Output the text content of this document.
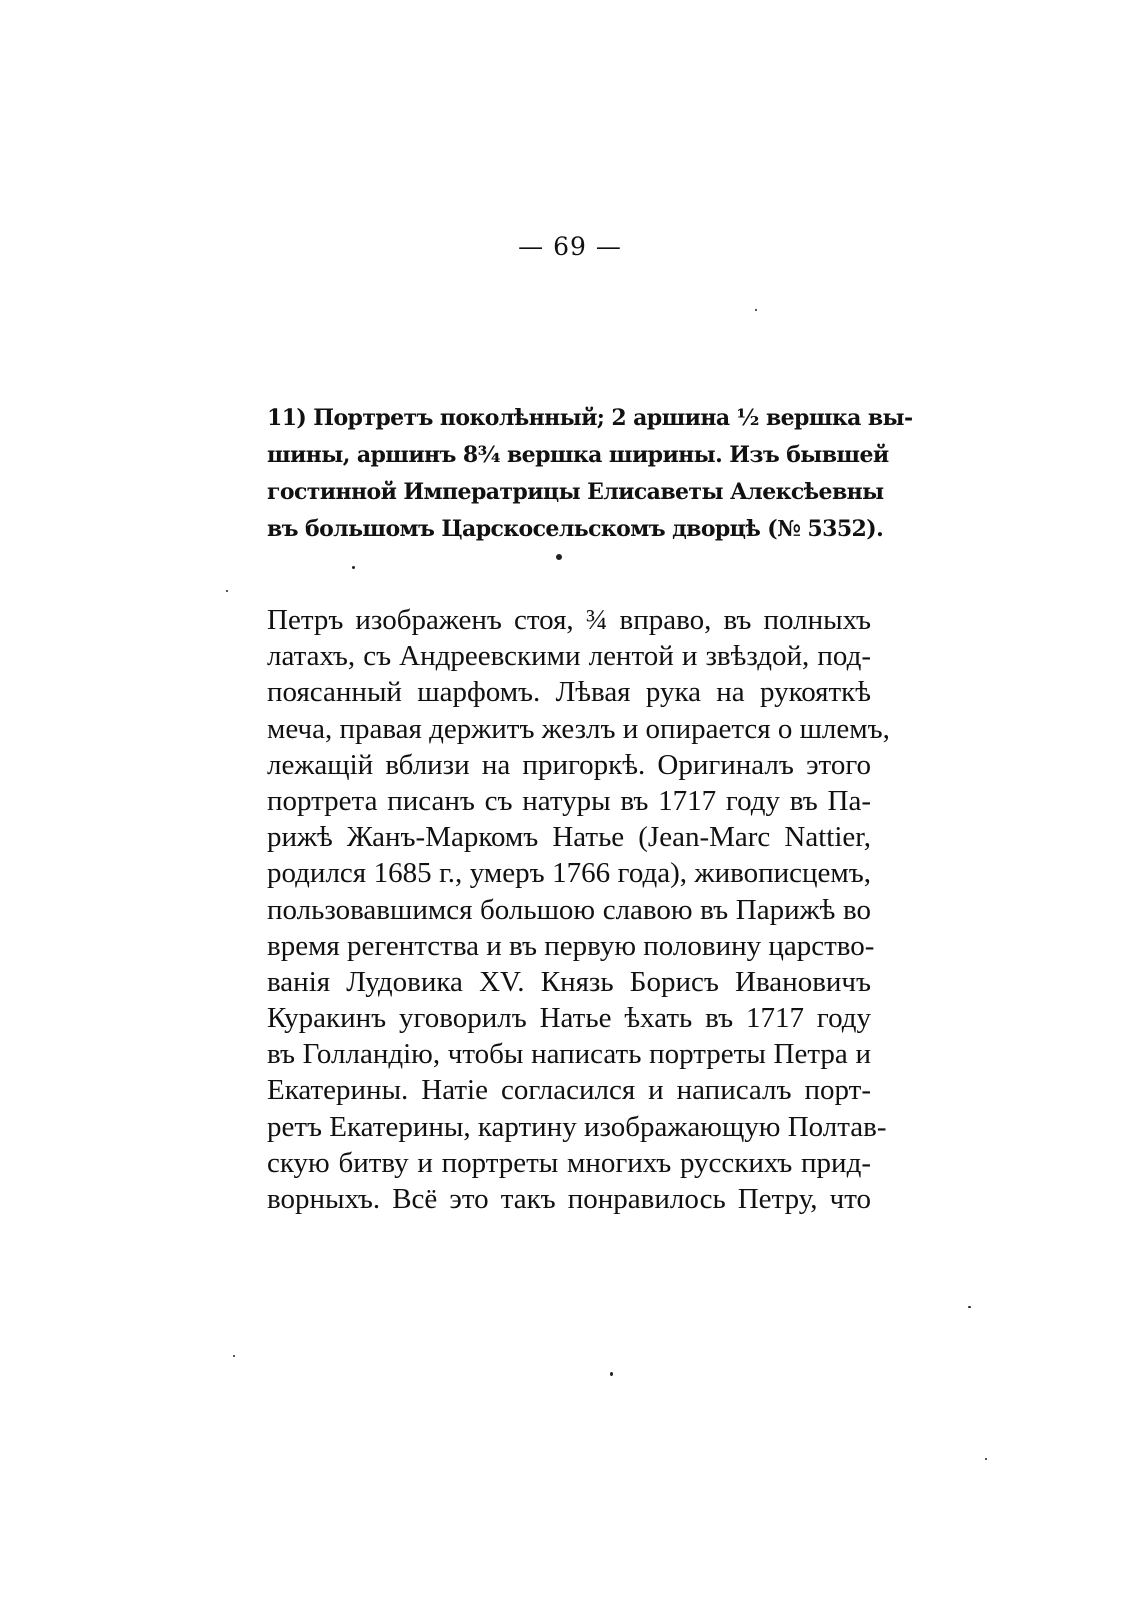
— 69 —
11) Портретъ поколѣнный; 2 аршина ½ вершка вы-
шины, аршинъ 8¾ вершка ширины. Изъ бывшей
гостинной Императрицы Елисаветы Алексѣевны
въ большомъ Царскосельскомъ дворцѣ (№ 5352).
Петръ изображенъ стоя, ¾ вправо, въ полныхъ
латахъ, съ Андреевскими лентой и звѣздой, под-
поясанный шарфомъ. Лѣвая рука на рукояткѣ
меча, правая держитъ жезлъ и опирается о шлемъ,
лежащій вблизи на пригоркѣ. Оригиналъ этого
портрета писанъ съ натуры въ 1717 году въ Па-
рижѣ Жанъ-Маркомъ Натье (Jean-Marc Nattier,
родился 1685 г., умеръ 1766 года), живописцемъ,
пользовавшимся большою славою въ Парижѣ во
время регентства и въ первую половину царство-
ванія Лудовика XV. Князь Борисъ Ивановичъ
Куракинъ уговорилъ Натье ѣхать въ 1717 году
въ Голландію, чтобы написать портреты Петра и
Екатерины. Натіе согласился и написалъ порт-
ретъ Екатерины, картину изображающую Полтав-
скую битву и портреты многихъ русскихъ прид-
ворныхъ. Всё это такъ понравилось Петру, что
